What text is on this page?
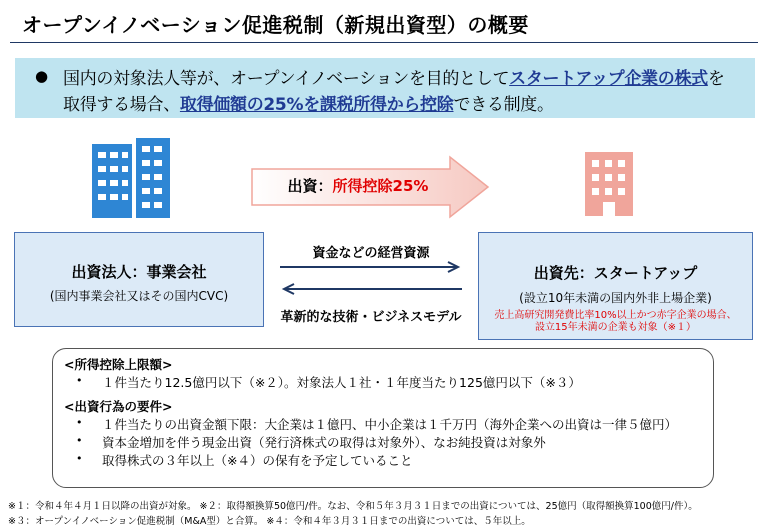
オープンイノベーション促進税制（新規出資型）の概要
● 国内の対象法人等が、オープンイノベーションを目的としてスタートアップ企業の株式を
取得する場合、取得価額の25%を課税所得から控除できる制度。
出資：所得控除25%
出資法人：事業会社
(国内事業会社又はその国内CVC)
出資先：スタートアップ
(設立10年未満の国内外非上場企業)
売上高研究開発費比率10%以上かつ赤字企業の場合、
設立15年未満の企業も対象（※１）
資金などの経営資源
革新的な技術・ビジネスモデル
<所得控除上限額>
• １件当たり12.5億円以下（※２）。対象法人１社・１年度当たり125億円以下（※３）
<出資行為の要件>
• １件当たりの出資金額下限：大企業は１億円、中小企業は１千万円（海外企業への出資は一律５億円）
• 資本金増加を伴う現金出資（発行済株式の取得は対象外）、なお純投資は対象外
• 取得株式の３年以上（※４）の保有を予定していること
※１：令和４年４月１日以降の出資が対象。 ※２：取得額換算50億円/件。なお、令和５年３月３１日までの出資については、25億円（取得額換算100億円/件）。
※３：オープンイノベーション促進税制（M&A型）と合算。 ※４：令和４年３月３１日までの出資については、５年以上。
